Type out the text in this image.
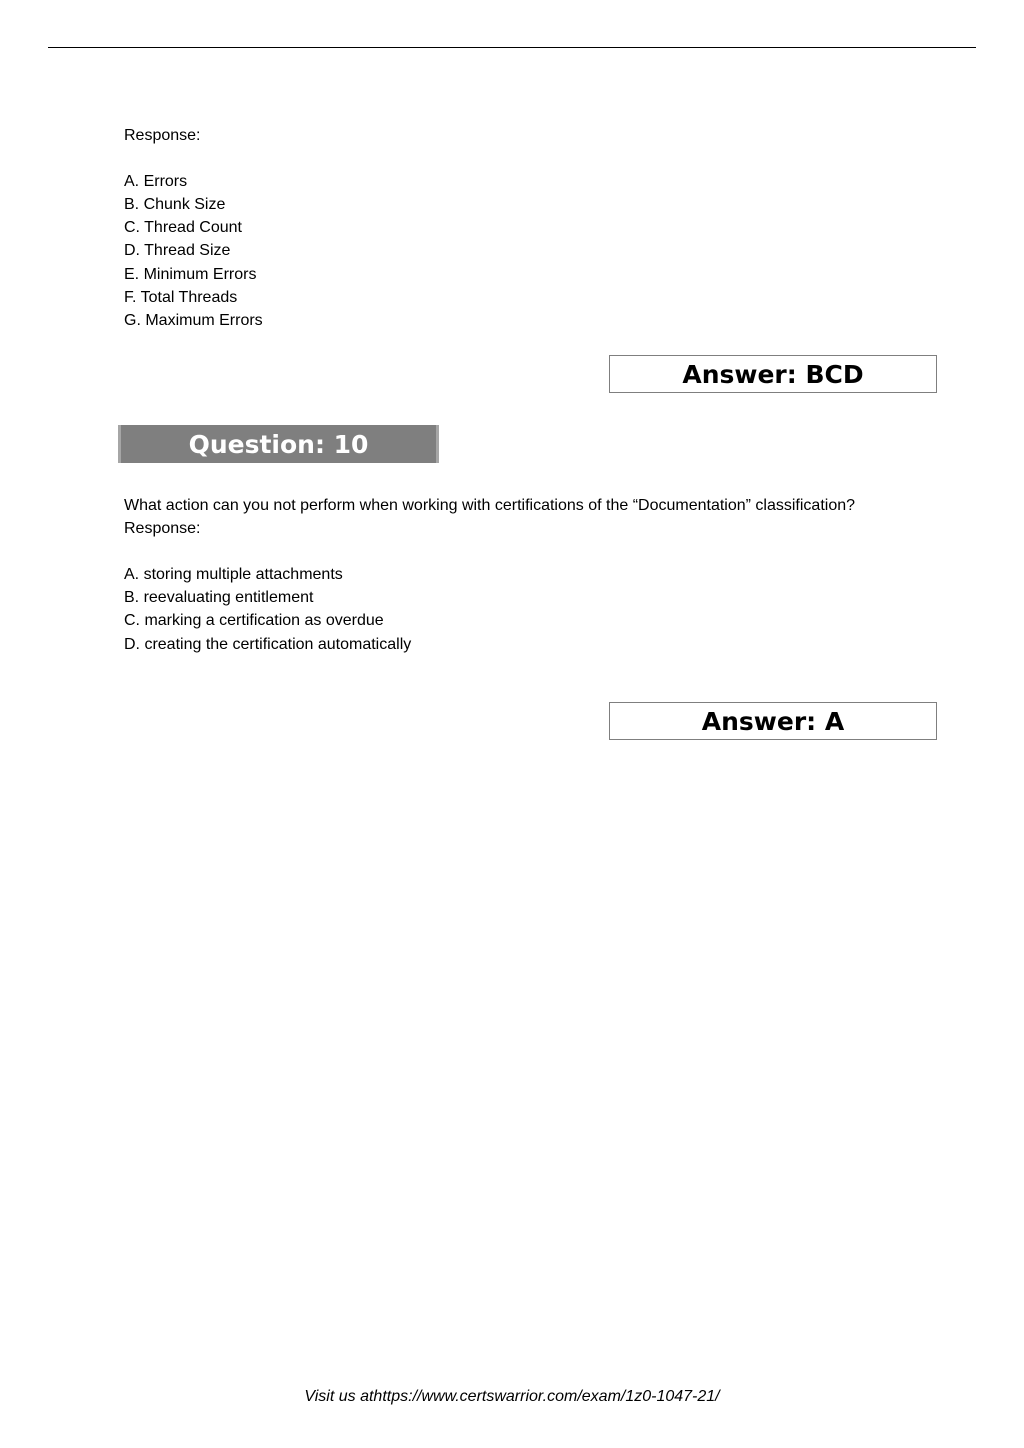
Response:
A. Errors
B. Chunk Size
C. Thread Count
D. Thread Size
E. Minimum Errors
F. Total Threads
G. Maximum Errors
Answer: BCD
Question: 10
What action can you not perform when working with certifications of the “Documentation” classification?
Response:
A. storing multiple attachments
B. reevaluating entitlement
C. marking a certification as overdue
D. creating the certification automatically
Answer: A
Visit us athttps://www.certswarrior.com/exam/1z0-1047-21/
